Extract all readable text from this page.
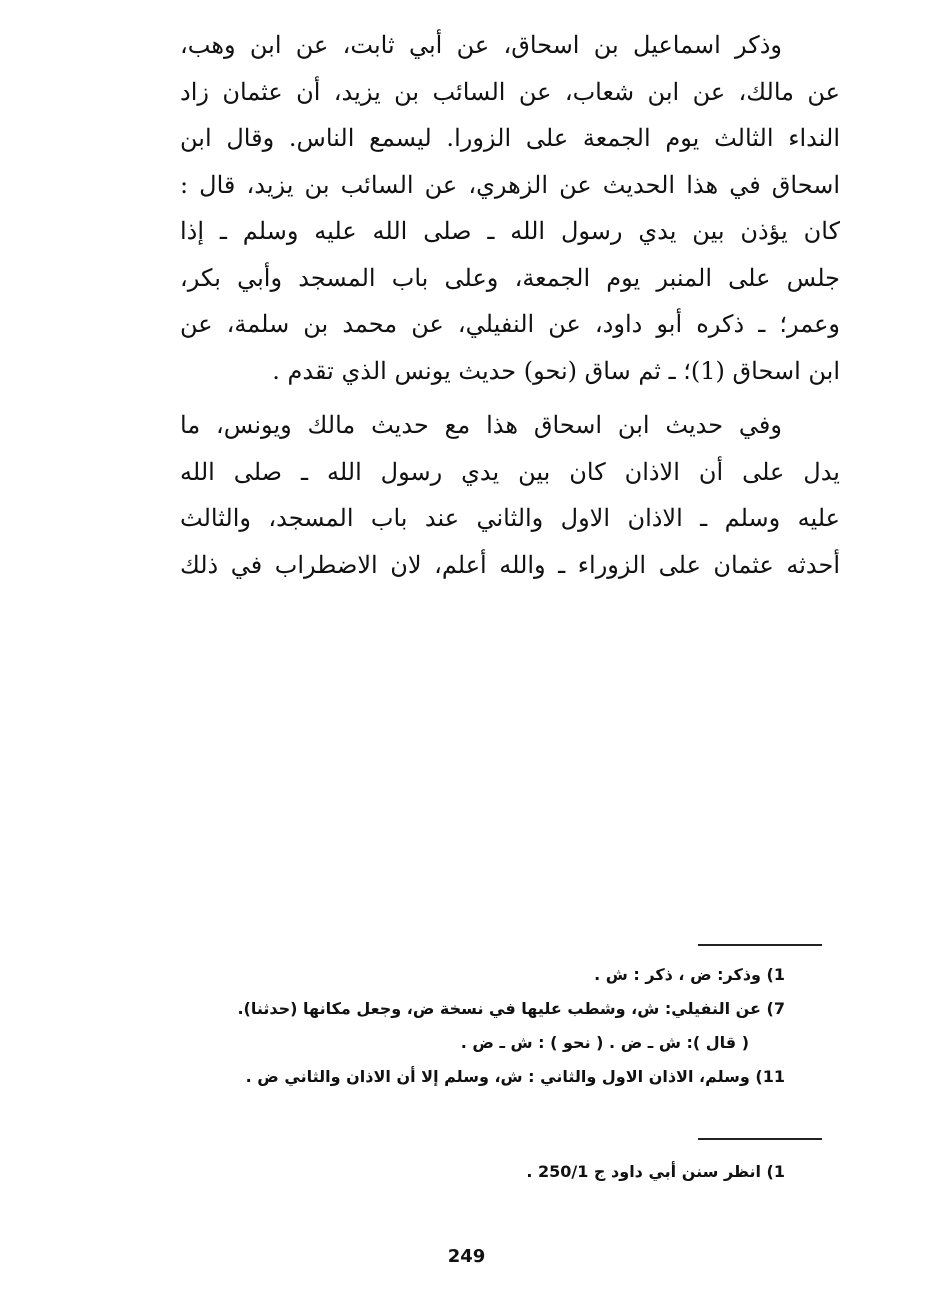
وذكر اسماعيل بن اسحاق، عن أبي ثابت، عن ابن وهب،
عن مالك، عن ابن شعاب، عن السائب بن يزيد، أن عثمان زاد
النداء الثالث يوم الجمعة على الزورا. ليسمع الناس. وقال ابن
اسحاق في هذا الحديث عن الزهري، عن السائب بن يزيد، قال :
كان يؤذن بين يدي رسول الله ـ صلى الله عليه وسلم ـ إذا
جلس على المنبر يوم الجمعة، وعلى باب المسجد وأبي بكر،
وعمر؛ ـ ذكره أبو داود، عن النفيلي، عن محمد بن سلمة، عن
ابن اسحاق (1)؛ ـ ثم ساق (نحو) حديث يونس الذي تقدم .
وفي حديث ابن اسحاق هذا مع حديث مالك ويونس، ما
يدل على أن الاذان كان بين يدي رسول الله ـ صلى الله
عليه وسلم ـ الاذان الاول والثاني عند باب المسجد، والثالث
أحدثه عثمان على الزوراء ـ والله أعلم، لان الاضطراب في ذلك
1) وذكر: ض ، ذكر : ش .
7) عن النفيلي: ش، وشطب عليها في نسخة ض، وجعل مكانها (حدثنا).
( قال ): ش ـ ض . ( نحو ) : ش ـ ض .
11) وسلم، الاذان الاول والثاني : ش، وسلم إلا أن الاذان والثاني ض .
1) انظر سنن أبي داود ج 250/1 .
249
